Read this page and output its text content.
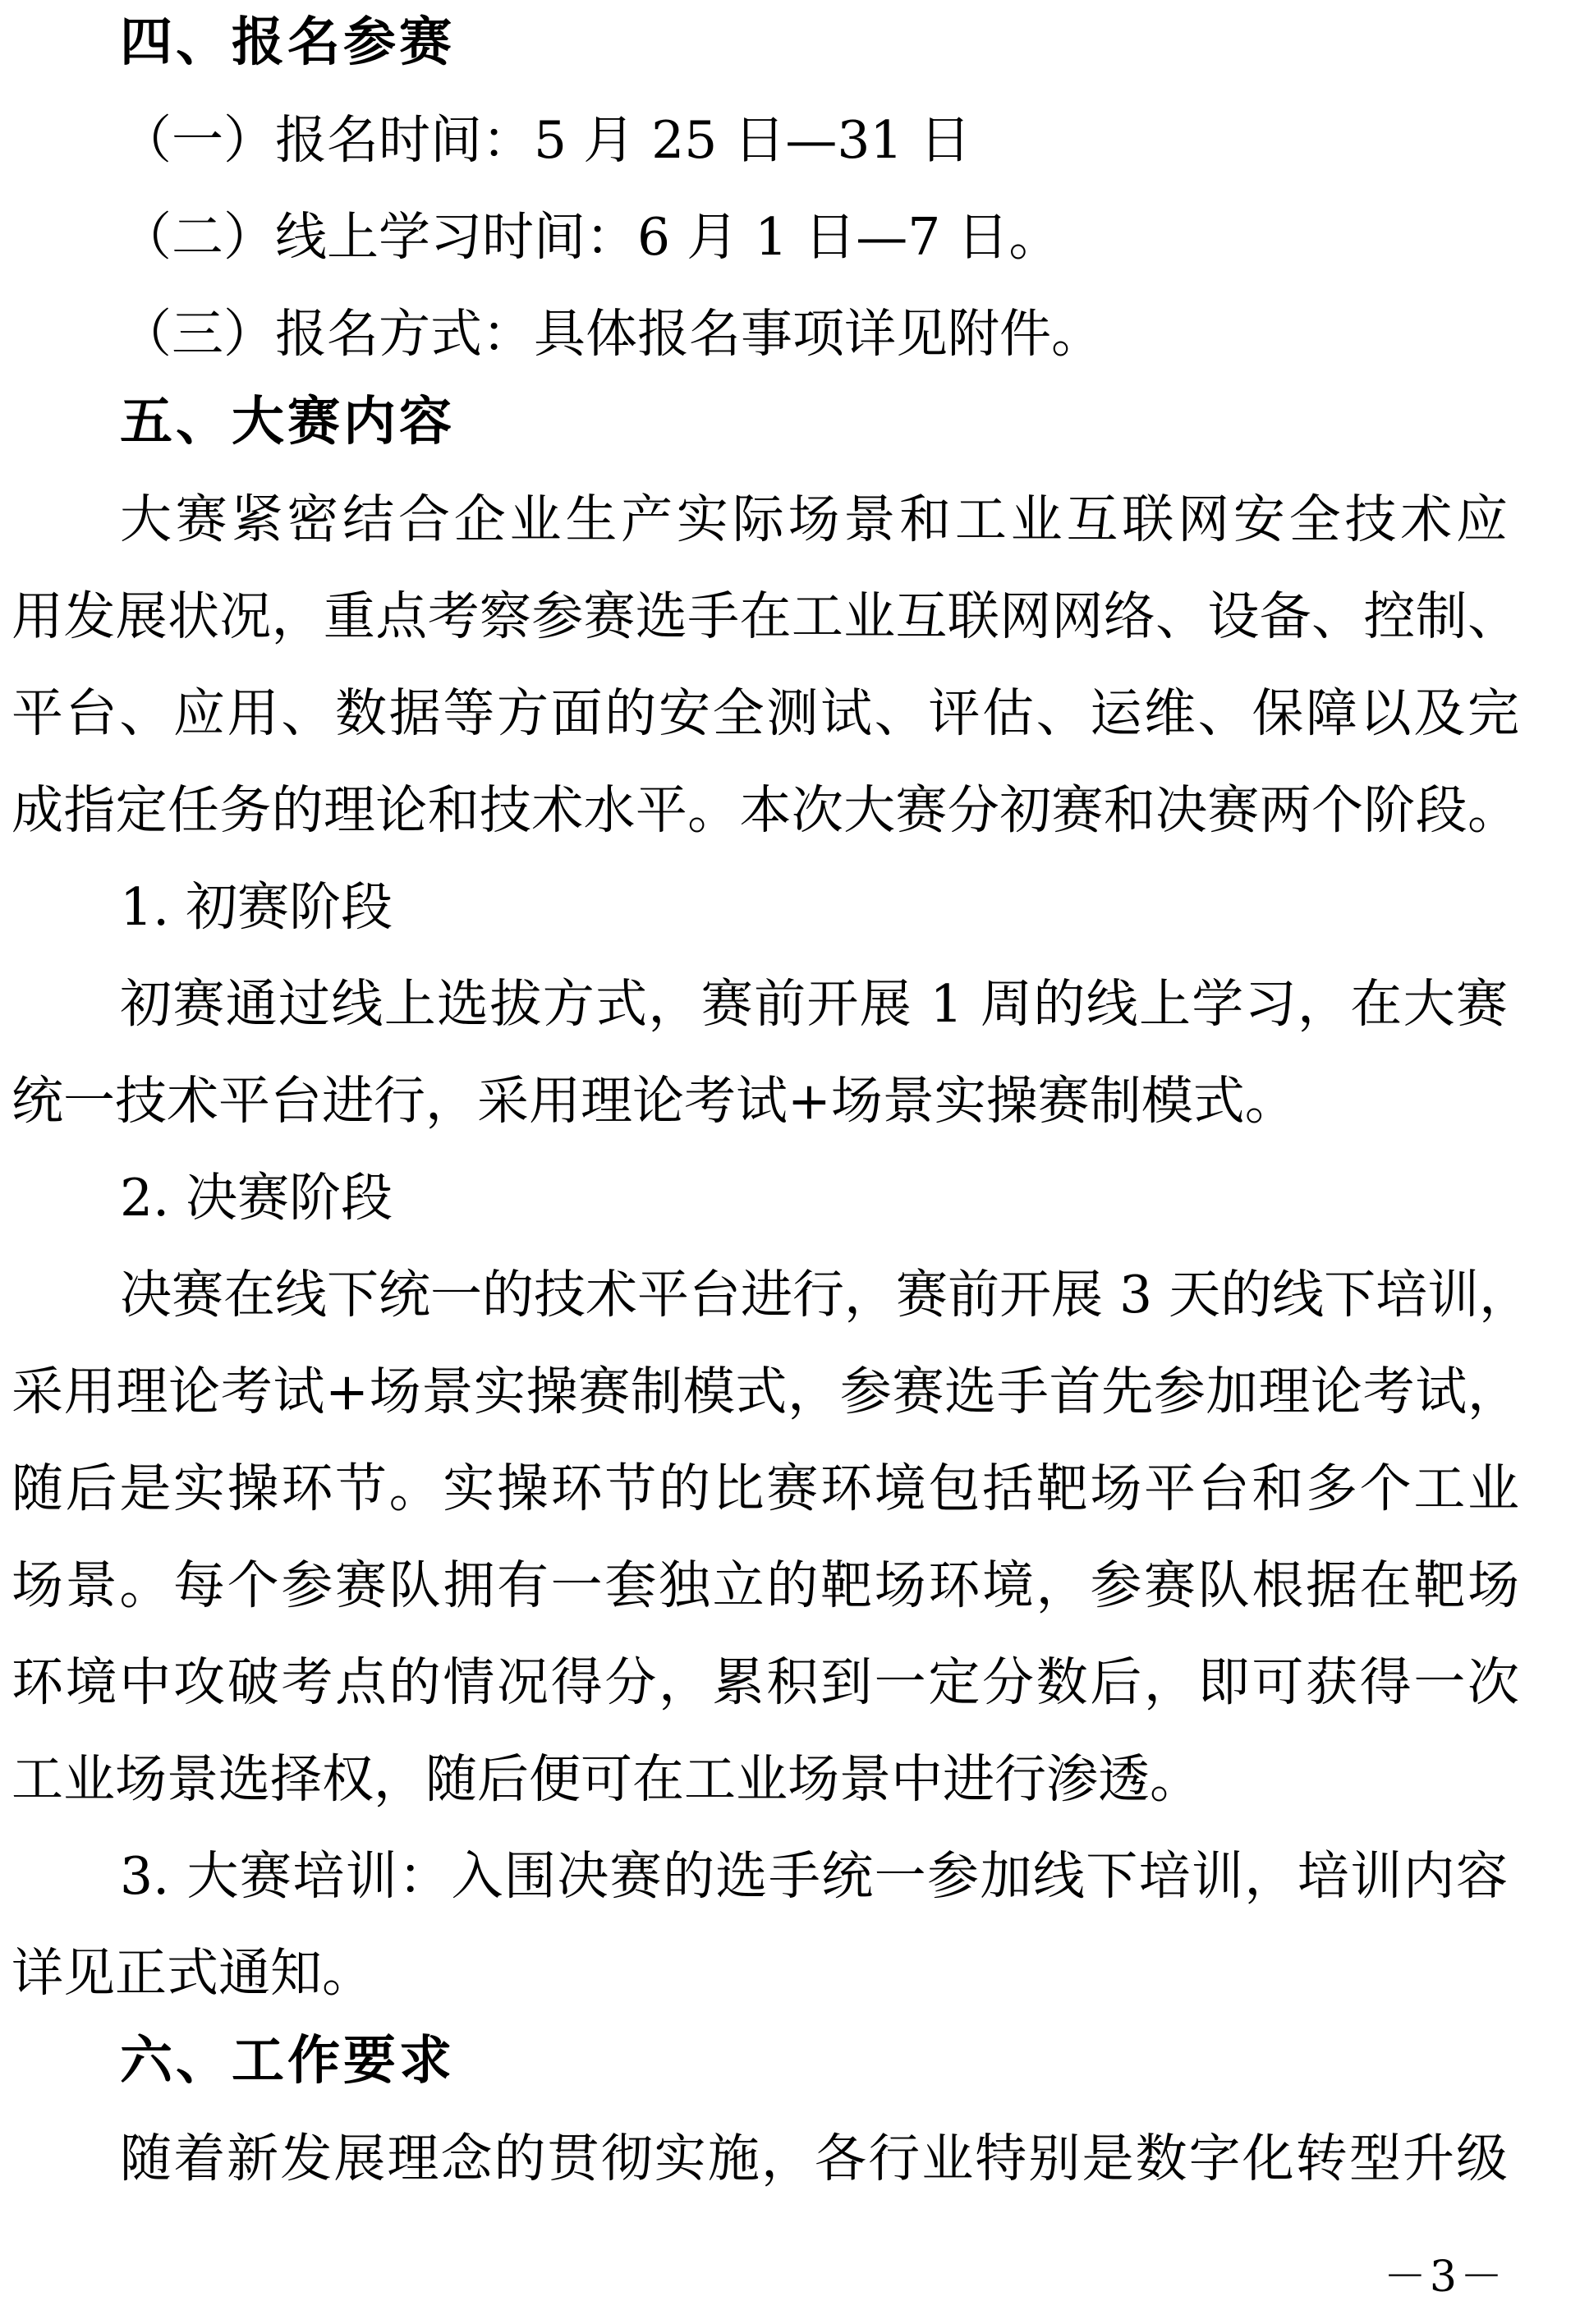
四、报名参赛
（一）报名时间：5 月 25 日—31 日
（二）线上学习时间：6 月 1 日—7 日。
（三）报名方式：具体报名事项详见附件。
五、大赛内容
大赛紧密结合企业生产实际场景和工业互联网安全技术应
用发展状况，重点考察参赛选手在工业互联网网络、设备、控制、
平台、应用、数据等方面的安全测试、评估、运维、保障以及完
成指定任务的理论和技术水平。本次大赛分初赛和决赛两个阶段。
1. 初赛阶段
初赛通过线上选拔方式，赛前开展 1 周的线上学习，在大赛
统一技术平台进行，采用理论考试+场景实操赛制模式。
2. 决赛阶段
决赛在线下统一的技术平台进行，赛前开展 3 天的线下培训，
采用理论考试+场景实操赛制模式，参赛选手首先参加理论考试，
随后是实操环节。实操环节的比赛环境包括靶场平台和多个工业
场景。每个参赛队拥有一套独立的靶场环境，参赛队根据在靶场
环境中攻破考点的情况得分，累积到一定分数后，即可获得一次
工业场景选择权，随后便可在工业场景中进行渗透。
3. 大赛培训：入围决赛的选手统一参加线下培训，培训内容
详见正式通知。
六、工作要求
随着新发展理念的贯彻实施，各行业特别是数字化转型升级
－3－
